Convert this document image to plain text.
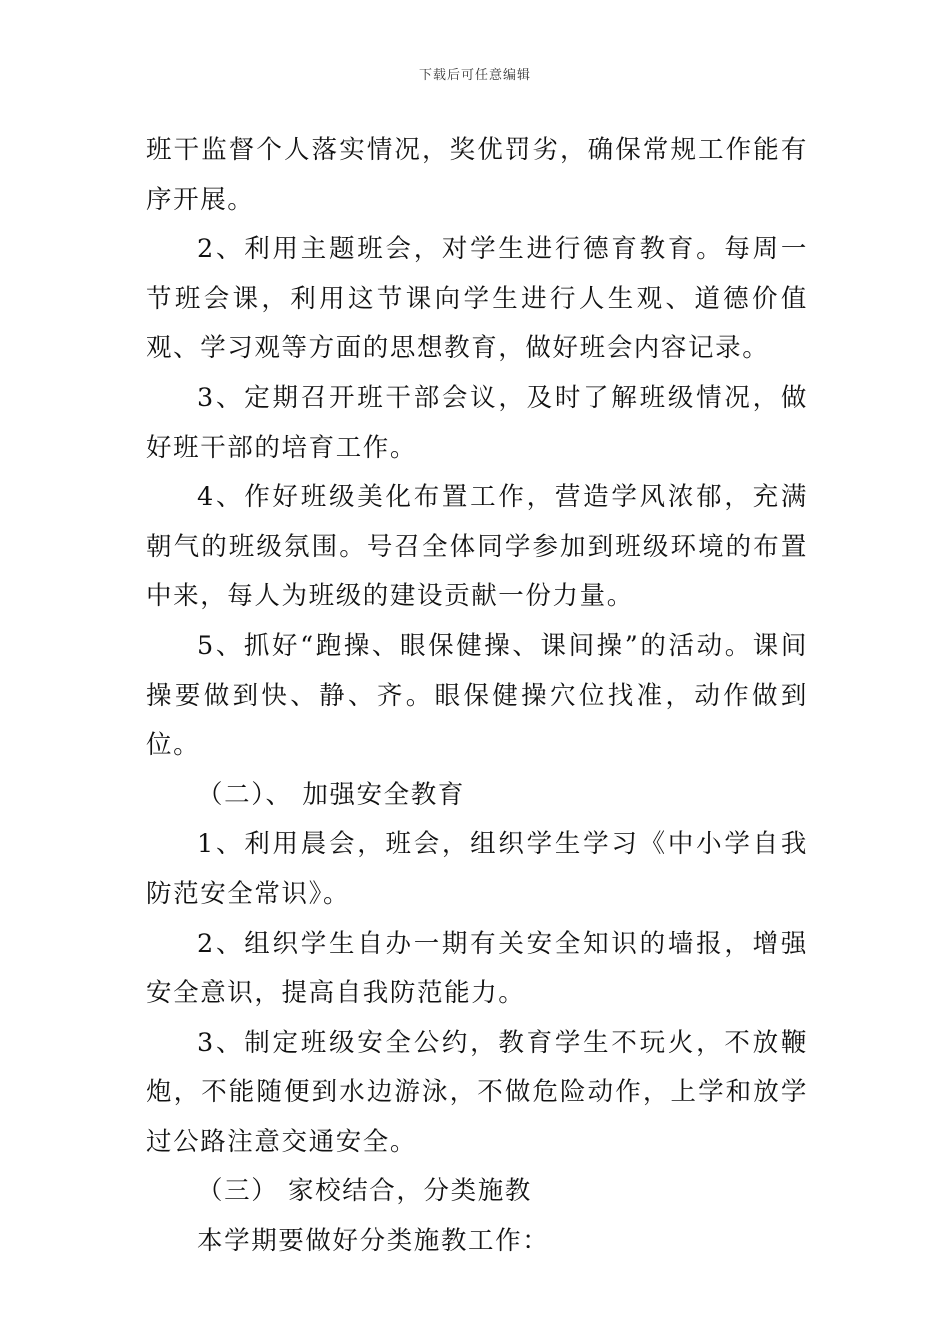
下载后可任意编辑

班干监督个人落实情况，奖优罚劣，确保常规工作能有序开展。

2、利用主题班会，对学生进行德育教育。每周一节班会课，利用这节课向学生进行人生观、道德价值观、学习观等方面的思想教育，做好班会内容记录。

3、定期召开班干部会议，及时了解班级情况，做好班干部的培育工作。

4、作好班级美化布置工作，营造学风浓郁，充满朝气的班级氛围。号召全体同学参加到班级环境的布置中来，每人为班级的建设贡献一份力量。

5、抓好“跑操、眼保健操、课间操”的活动。课间操要做到快、静、齐。眼保健操穴位找准，动作做到位。

（二）、 加强安全教育

1、利用晨会，班会，组织学生学习《中小学自我防范安全常识》。

2、组织学生自办一期有关安全知识的墙报，增强安全意识，提高自我防范能力。

3、制定班级安全公约，教育学生不玩火，不放鞭炮，不能随便到水边游泳，不做危险动作，上学和放学过公路注意交通安全。

（三） 家校结合，分类施教

本学期要做好分类施教工作：
